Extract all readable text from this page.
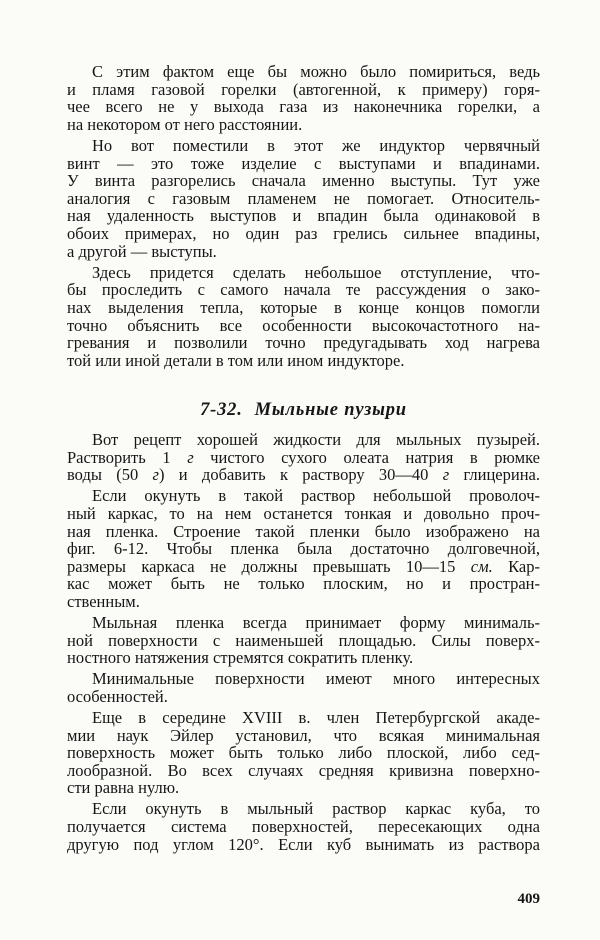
С этим фактом еще бы можно было помириться, ведь
и пламя газовой горелки (автогенной, к примеру) горя-
чее всего не у выхода газа из наконечника горелки, а
на некотором от него расстоянии.
Но вот поместили в этот же индуктор червячный
винт — это тоже изделие с выступами и впадинами.
У винта разгорелись сначала именно выступы. Тут уже
аналогия с газовым пламенем не помогает. Относитель-
ная удаленность выступов и впадин была одинаковой в
обоих примерах, но один раз грелись сильнее впадины,
а другой — выступы.
Здесь придется сделать небольшое отступление, что-
бы проследить с самого начала те рассуждения о зако-
нах выделения тепла, которые в конце концов помогли
точно объяснить все особенности высокочастотного на-
гревания и позволили точно предугадывать ход нагрева
той или иной детали в том или ином индукторе.
7-32. Мыльные пузыри
Вот рецепт хорошей жидкости для мыльных пузырей.
Растворить 1 г чистого сухого олеата натрия в рюмке
воды (50 г) и добавить к раствору 30—40 г глицерина.
Если окунуть в такой раствор небольшой проволоч-
ный каркас, то на нем останется тонкая и довольно проч-
ная пленка. Строение такой пленки было изображено на
фиг. 6-12. Чтобы пленка была достаточно долговечной,
размеры каркаса не должны превышать 10—15 см. Кар-
кас может быть не только плоским, но и простран-
ственным.
Мыльная пленка всегда принимает форму минималь-
ной поверхности с наименьшей площадью. Силы поверх-
ностного натяжения стремятся сократить пленку.
Минимальные поверхности имеют много интересных
особенностей.
Еще в середине XVIII в. член Петербургской акаде-
мии наук Эйлер установил, что всякая минимальная
поверхность может быть только либо плоской, либо сед-
лообразной. Во всех случаях средняя кривизна поверхно-
сти равна нулю.
Если окунуть в мыльный раствор каркас куба, то
получается система поверхностей, пересекающих одна
другую под углом 120°. Если куб вынимать из раствора
409
